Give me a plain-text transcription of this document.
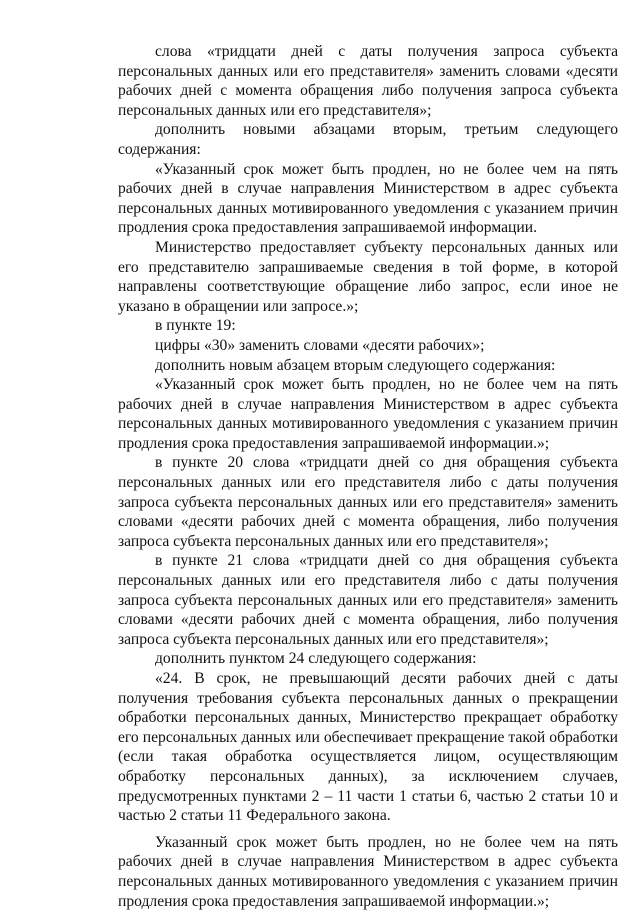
слова «тридцати дней с даты получения запроса субъекта персональных данных или его представителя» заменить словами «десяти рабочих дней с момента обращения либо получения запроса субъекта персональных данных или его представителя»;

дополнить новыми абзацами вторым, третьим следующего содержания:

«Указанный срок может быть продлен, но не более чем на пять рабочих дней в случае направления Министерством в адрес субъекта персональных данных мотивированного уведомления с указанием причин продления срока предоставления запрашиваемой информации.

Министерство предоставляет субъекту персональных данных или его представителю запрашиваемые сведения в той форме, в которой направлены соответствующие обращение либо запрос, если иное не указано в обращении или запросе.»;

в пункте 19:

цифры «30» заменить словами «десяти рабочих»;

дополнить новым абзацем вторым следующего содержания:

«Указанный срок может быть продлен, но не более чем на пять рабочих дней в случае направления Министерством в адрес субъекта персональных данных мотивированного уведомления с указанием причин продления срока предоставления запрашиваемой информации.»;

в пункте 20 слова «тридцати дней со дня обращения субъекта персональных данных или его представителя либо с даты получения запроса субъекта персональных данных или его представителя» заменить словами «десяти рабочих дней с момента обращения, либо получения запроса субъекта персональных данных или его представителя»;

в пункте 21 слова «тридцати дней со дня обращения субъекта персональных данных или его представителя либо с даты получения запроса субъекта персональных данных или его представителя» заменить словами «десяти рабочих дней с момента обращения, либо получения запроса субъекта персональных данных или его представителя»;

дополнить пунктом 24 следующего содержания:

«24. В срок, не превышающий десяти рабочих дней с даты получения требования субъекта персональных данных о прекращении обработки персональных данных, Министерство прекращает обработку его персональных данных или обеспечивает прекращение такой обработки (если такая обработка осуществляется лицом, осуществляющим обработку персональных данных), за исключением случаев, предусмотренных пунктами 2 – 11 части 1 статьи 6, частью 2 статьи 10 и частью 2 статьи 11 Федерального закона.

Указанный срок может быть продлен, но не более чем на пять рабочих дней в случае направления Министерством в адрес субъекта персональных данных мотивированного уведомления с указанием причин продления срока предоставления запрашиваемой информации.»;
